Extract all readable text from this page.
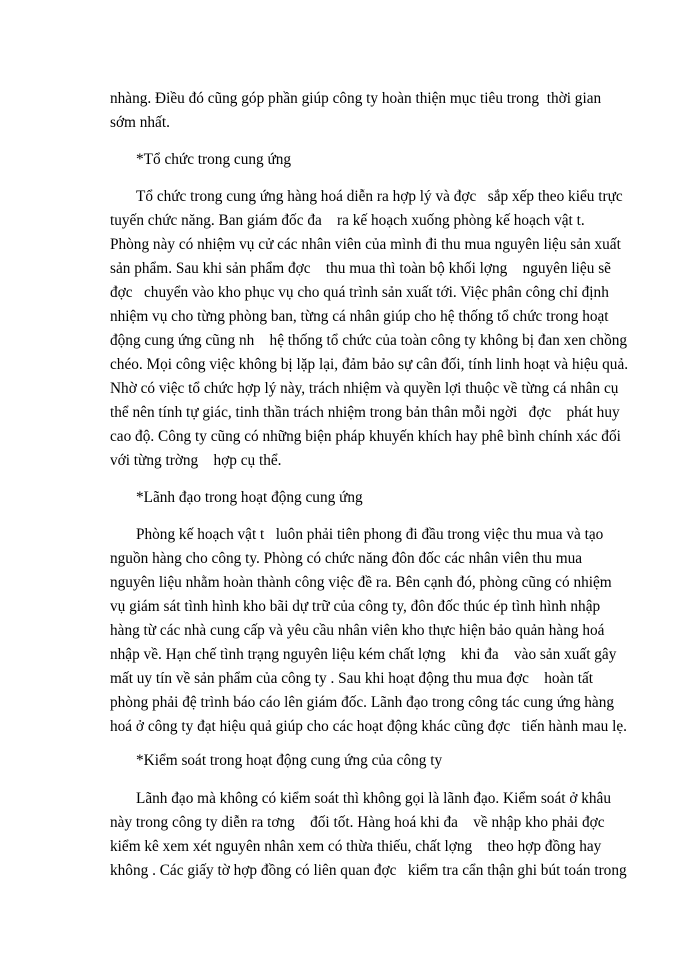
nhàng. Điều đó cũng góp phần giúp công ty hoàn thiện mục tiêu trong  thời gian
sớm nhất.
*Tổ chức trong cung ứng
Tổ chức trong cung ứng hàng hoá diễn ra hợp lý và đợc   sắp xếp theo kiểu trực
tuyến chức năng. Ban giám đốc đa    ra kế hoạch xuống phòng kế hoạch vật t.
Phòng này có nhiệm vụ cử các nhân viên của mình đi thu mua nguyên liệu sản xuất
sản phẩm. Sau khi sản phẩm đợc    thu mua thì toàn bộ khối lợng    nguyên liệu sẽ
đợc   chuyển vào kho phục vụ cho quá trình sản xuất tới. Việc phân công chỉ định
nhiệm vụ cho từng phòng ban, từng cá nhân giúp cho hệ thống tổ chức trong hoạt
động cung ứng cũng nh    hệ thống tổ chức của toàn công ty không bị đan xen chồng
chéo. Mọi công việc không bị lặp lại, đảm bảo sự cân đối, tính linh hoạt và hiệu quả.
Nhờ có việc tổ chức hợp lý này, trách nhiệm và quyền lợi thuộc về từng cá nhân cụ
thể nên tính tự giác, tinh thần trách nhiệm trong bản thân mỗi ngời   đợc    phát huy
cao độ. Công ty cũng có những biện pháp khuyến khích hay phê bình chính xác đối
với từng trờng    hợp cụ thể.
*Lãnh đạo trong hoạt động cung ứng
Phòng kế hoạch vật t   luôn phải tiên phong đi đầu trong việc thu mua và tạo
nguồn hàng cho công ty. Phòng có chức năng đôn đốc các nhân viên thu mua
nguyên liệu nhằm hoàn thành công việc đề ra. Bên cạnh đó, phòng cũng có nhiệm
vụ giám sát tình hình kho bãi dự trữ của công ty, đôn đốc thúc ép tình hình nhập
hàng từ các nhà cung cấp và yêu cầu nhân viên kho thực hiện bảo quản hàng hoá
nhập về. Hạn chế tình trạng nguyên liệu kém chất lợng    khi đa    vào sản xuất gây
mất uy tín về sản phẩm của công ty . Sau khi hoạt động thu mua đợc    hoàn tất
phòng phải đệ trình báo cáo lên giám đốc. Lãnh đạo trong công tác cung ứng hàng
hoá ở công ty đạt hiệu quả giúp cho các hoạt động khác cũng đợc   tiến hành mau lẹ.
*Kiểm soát trong hoạt động cung ứng của công ty
Lãnh đạo mà không có kiểm soát thì không gọi là lãnh đạo. Kiểm soát ở khâu
này trong công ty diễn ra tơng    đối tốt. Hàng hoá khi đa    về nhập kho phải đợc
kiểm kê xem xét nguyên nhân xem có thừa thiếu, chất lợng    theo hợp đồng hay
không . Các giấy tờ hợp đồng có liên quan đợc   kiểm tra cẩn thận ghi bút toán trong
